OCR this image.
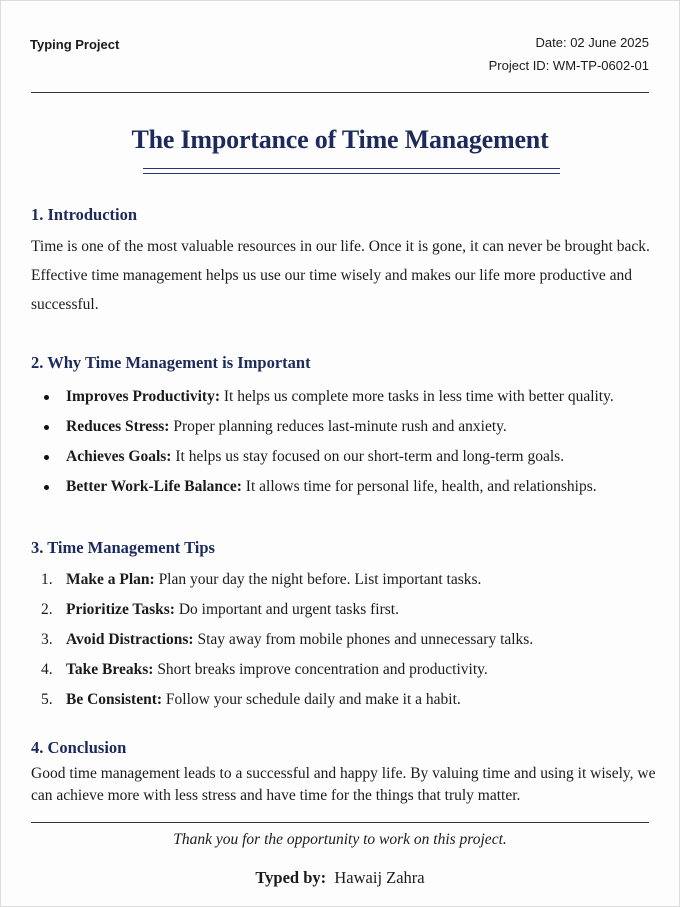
Typing Project	Date: 02 June 2025
Project ID: WM-TP-0602-01
The Importance of Time Management
1. Introduction
Time is one of the most valuable resources in our life. Once it is gone, it can never be brought back. Effective time management helps us use our time wisely and makes our life more productive and successful.
2. Why Time Management is Important
Improves Productivity: It helps us complete more tasks in less time with better quality.
Reduces Stress: Proper planning reduces last-minute rush and anxiety.
Achieves Goals: It helps us stay focused on our short-term and long-term goals.
Better Work-Life Balance: It allows time for personal life, health, and relationships.
3. Time Management Tips
1. Make a Plan: Plan your day the night before. List important tasks.
2. Prioritize Tasks: Do important and urgent tasks first.
3. Avoid Distractions: Stay away from mobile phones and unnecessary talks.
4. Take Breaks: Short breaks improve concentration and productivity.
5. Be Consistent: Follow your schedule daily and make it a habit.
4. Conclusion
Good time management leads to a successful and happy life. By valuing time and using it wisely, we can achieve more with less stress and have time for the things that truly matter.
Thank you for the opportunity to work on this project.
Typed by: Hawaij Zahra
